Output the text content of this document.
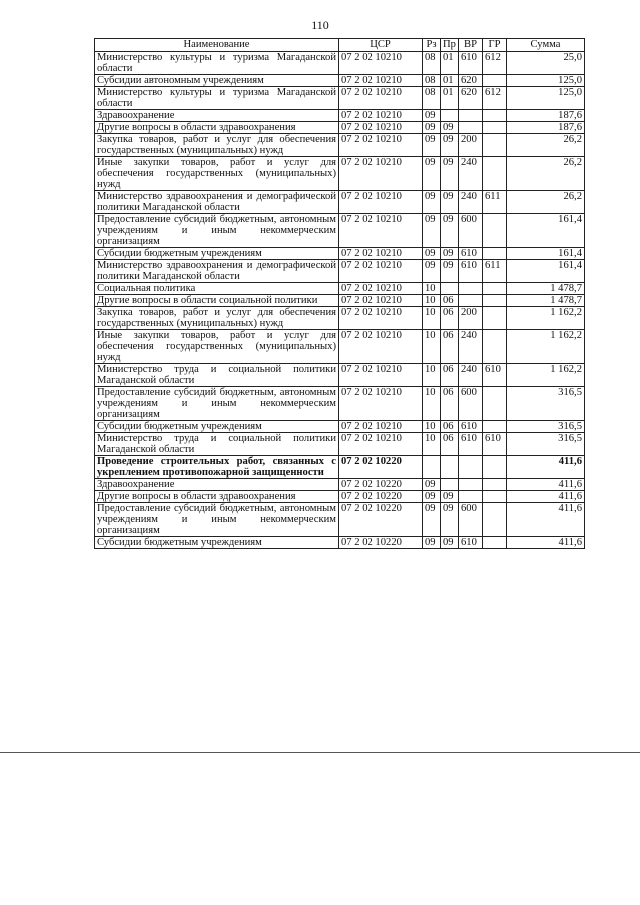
110
Наименование	ЦСР	Рз	Пр	ВР	ГР	Сумма
Министерство культуры и туризма Магаданской области	07 2 02 10210	08	01	610	612	25,0
Субсидии автономным учреждениям	07 2 02 10210	08	01	620		125,0
Министерство культуры и туризма Магаданской области	07 2 02 10210	08	01	620	612	125,0
Здравоохранение	07 2 02 10210	09				187,6
Другие вопросы в области здравоохранения	07 2 02 10210	09	09			187,6
Закупка товаров, работ и услуг для обеспечения государственных (муниципальных) нужд	07 2 02 10210	09	09	200		26,2
Иные закупки товаров, работ и услуг для обеспечения государственных (муниципальных) нужд	07 2 02 10210	09	09	240		26,2
Министерство здравоохранения и демографической политики Магаданской области	07 2 02 10210	09	09	240	611	26,2
Предоставление субсидий бюджетным, автономным учреждениям и иным некоммерческим организациям	07 2 02 10210	09	09	600		161,4
Субсидии бюджетным учреждениям	07 2 02 10210	09	09	610		161,4
Министерство здравоохранения и демографической политики Магаданской области	07 2 02 10210	09	09	610	611	161,4
Социальная политика	07 2 02 10210	10				1 478,7
Другие вопросы в области социальной политики	07 2 02 10210	10	06			1 478,7
Закупка товаров, работ и услуг для обеспечения государственных (муниципальных) нужд	07 2 02 10210	10	06	200		1 162,2
Иные закупки товаров, работ и услуг для обеспечения государственных (муниципальных) нужд	07 2 02 10210	10	06	240		1 162,2
Министерство труда и социальной политики Магаданской области	07 2 02 10210	10	06	240	610	1 162,2
Предоставление субсидий бюджетным, автономным учреждениям и иным некоммерческим организациям	07 2 02 10210	10	06	600		316,5
Субсидии бюджетным учреждениям	07 2 02 10210	10	06	610		316,5
Министерство труда и социальной политики Магаданской области	07 2 02 10210	10	06	610	610	316,5
Проведение строительных работ, связанных с укреплением противопожарной защищенности	07 2 02 10220					411,6
Здравоохранение	07 2 02 10220	09				411,6
Другие вопросы в области здравоохранения	07 2 02 10220	09	09			411,6
Предоставление субсидий бюджетным, автономным учреждениям и иным некоммерческим организациям	07 2 02 10220	09	09	600		411,6
Субсидии бюджетным учреждениям	07 2 02 10220	09	09	610		411,6
